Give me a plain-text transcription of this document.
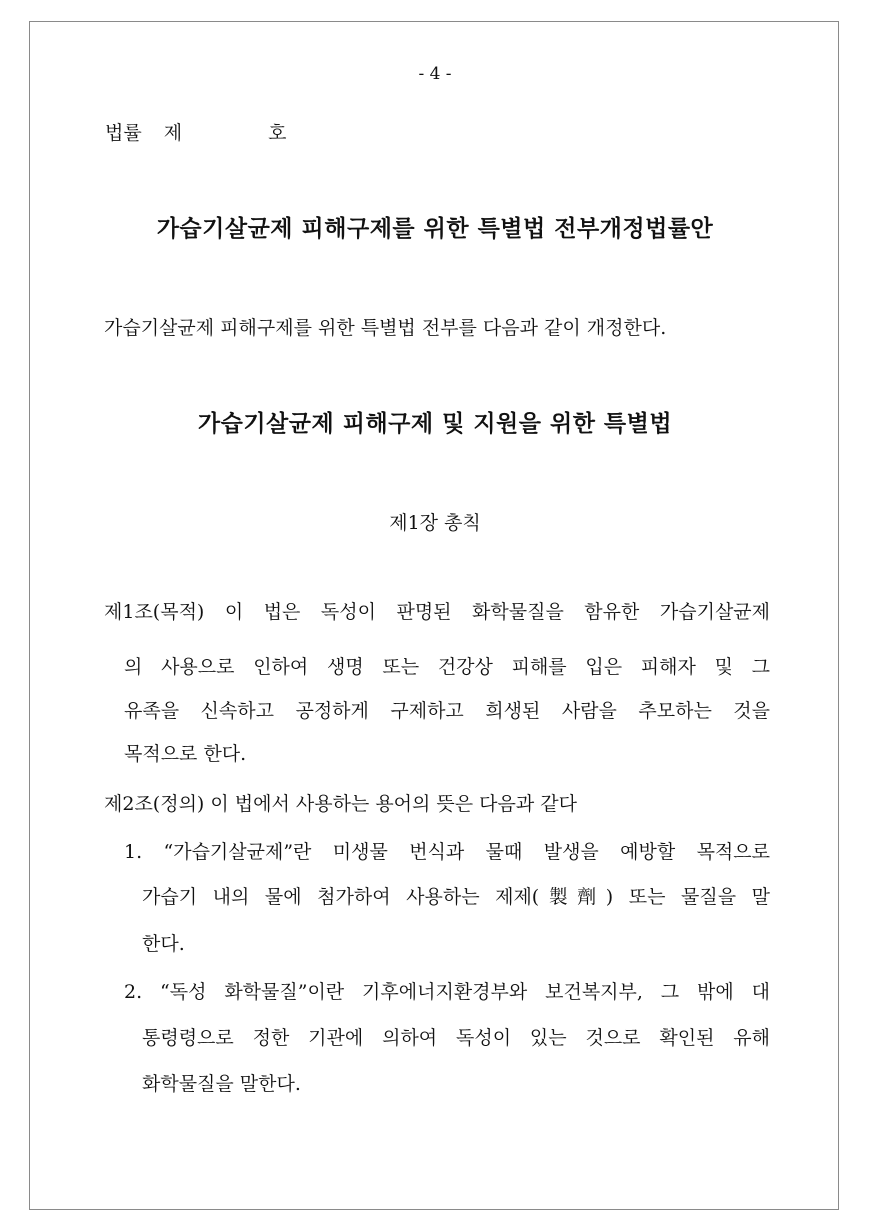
- 4 -
법률 제	호
가습기살균제 피해구제를 위한 특별법 전부개정법률안

가습기살균제 피해구제를 위한 특별법 전부를 다음과 같이 개정한다.

가습기살균제 피해구제 및 지원을 위한 특별법
제1장 총칙
제1조(목적) 이 법은 독성이 판명된 화학물질을 함유한 가습기살균제
의 사용으로 인하여 생명 또는 건강상 피해를 입은 피해자 및 그
유족을 신속하고 공정하게 구제하고 희생된 사람을 추모하는 것을
목적으로 한다.
제2조(정의) 이 법에서 사용하는 용어의 뜻은 다음과 같다
1. “가습기살균제”란 미생물 번식과 물때 발생을 예방할 목적으로
가습기 내의 물에 첨가하여 사용하는 제제(製劑) 또는 물질을 말
한다.
2. “독성 화학물질”이란 기후에너지환경부와 보건복지부, 그 밖에 대
통령령으로 정한 기관에 의하여 독성이 있는 것으로 확인된 유해
화학물질을 말한다.
